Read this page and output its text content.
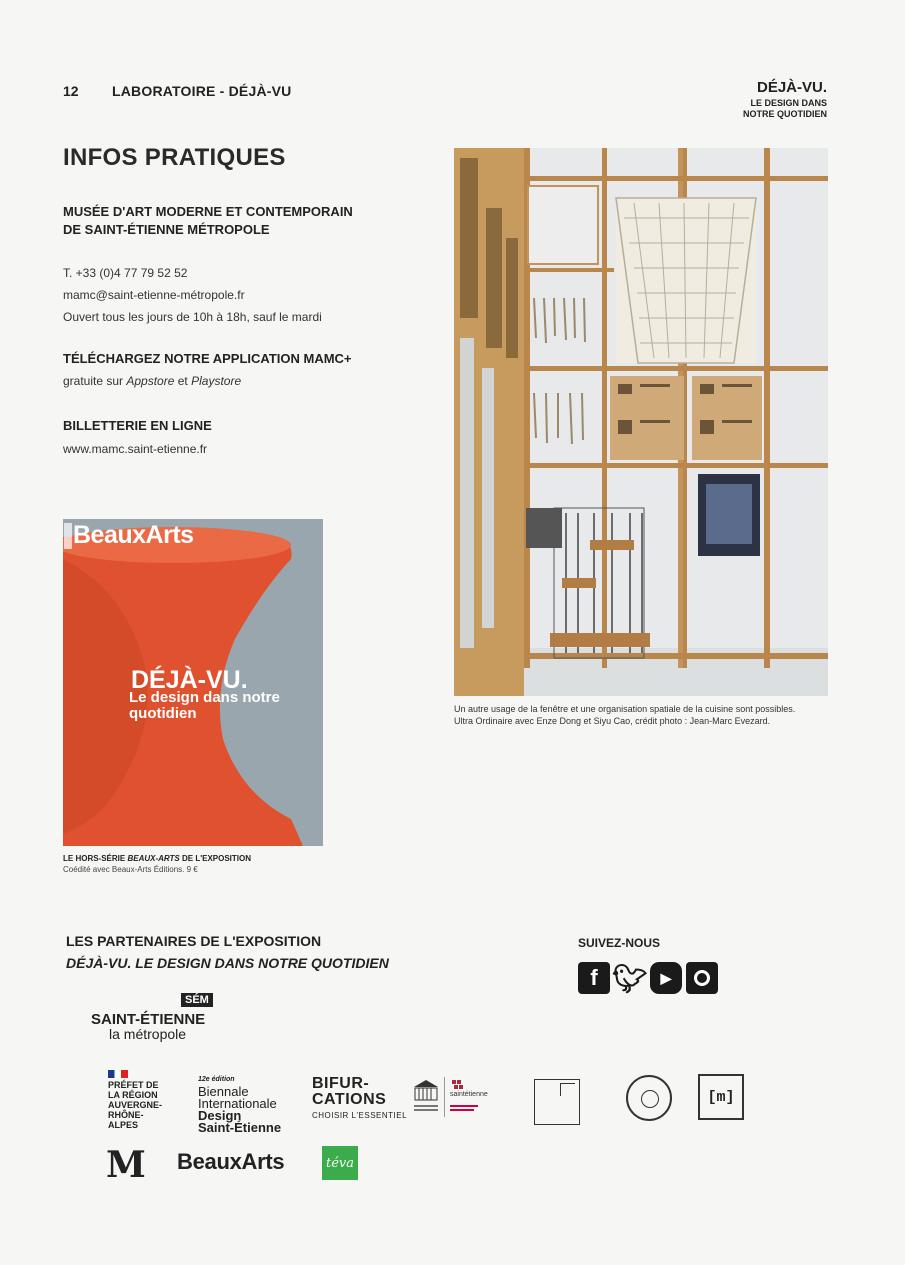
12 LABORATOIRE - DÉJÀ-VU	DÉJÀ-VU.
LE DESIGN DANS NOTRE QUOTIDIEN
INFOS PRATIQUES
MUSÉE D'ART MODERNE ET CONTEMPORAIN
DE SAINT-ÉTIENNE MÉTROPOLE
T. +33 (0)4 77 79 52 52
mamc@saint-etienne-métropole.fr
Ouvert tous les jours de 10h à 18h, sauf le mardi
TÉLÉCHARGEZ NOTRE APPLICATION MAMC+
gratuite sur Appstore et Playstore
BILLETTERIE EN LIGNE
www.mamc.saint-etienne.fr
BeauxArts
DÉJÀ-VU.
Le design dans notre quotidien
LE HORS-SÉRIE BEAUX-ARTS DE L'EXPOSITION
Coédité avec Beaux-Arts Éditions. 9 €
Un autre usage de la fenêtre et une organisation spatiale de la cuisine sont possibles. Ultra Ordinaire avec Enze Dong et Siyu Cao, crédit photo : Jean-Marc Evezard.
LES PARTENAIRES DE L'EXPOSITION
DÉJÀ-VU. LE DESIGN DANS NOTRE QUOTIDIEN
SUIVEZ-NOUS
f 🐦︎ ▶
SÉM
SAINT-ÉTIENNE
la métropole
PRÉFET DE LA RÉGION AUVERGNE-RHÔNE-ALPES
12e édition
Biennale
Internationale
Design
Saint-Étienne
BIFUR-
CATIONS
CHOISIR L'ESSENTIEL
saintétienne	[m]
M BeauxArts	téva
